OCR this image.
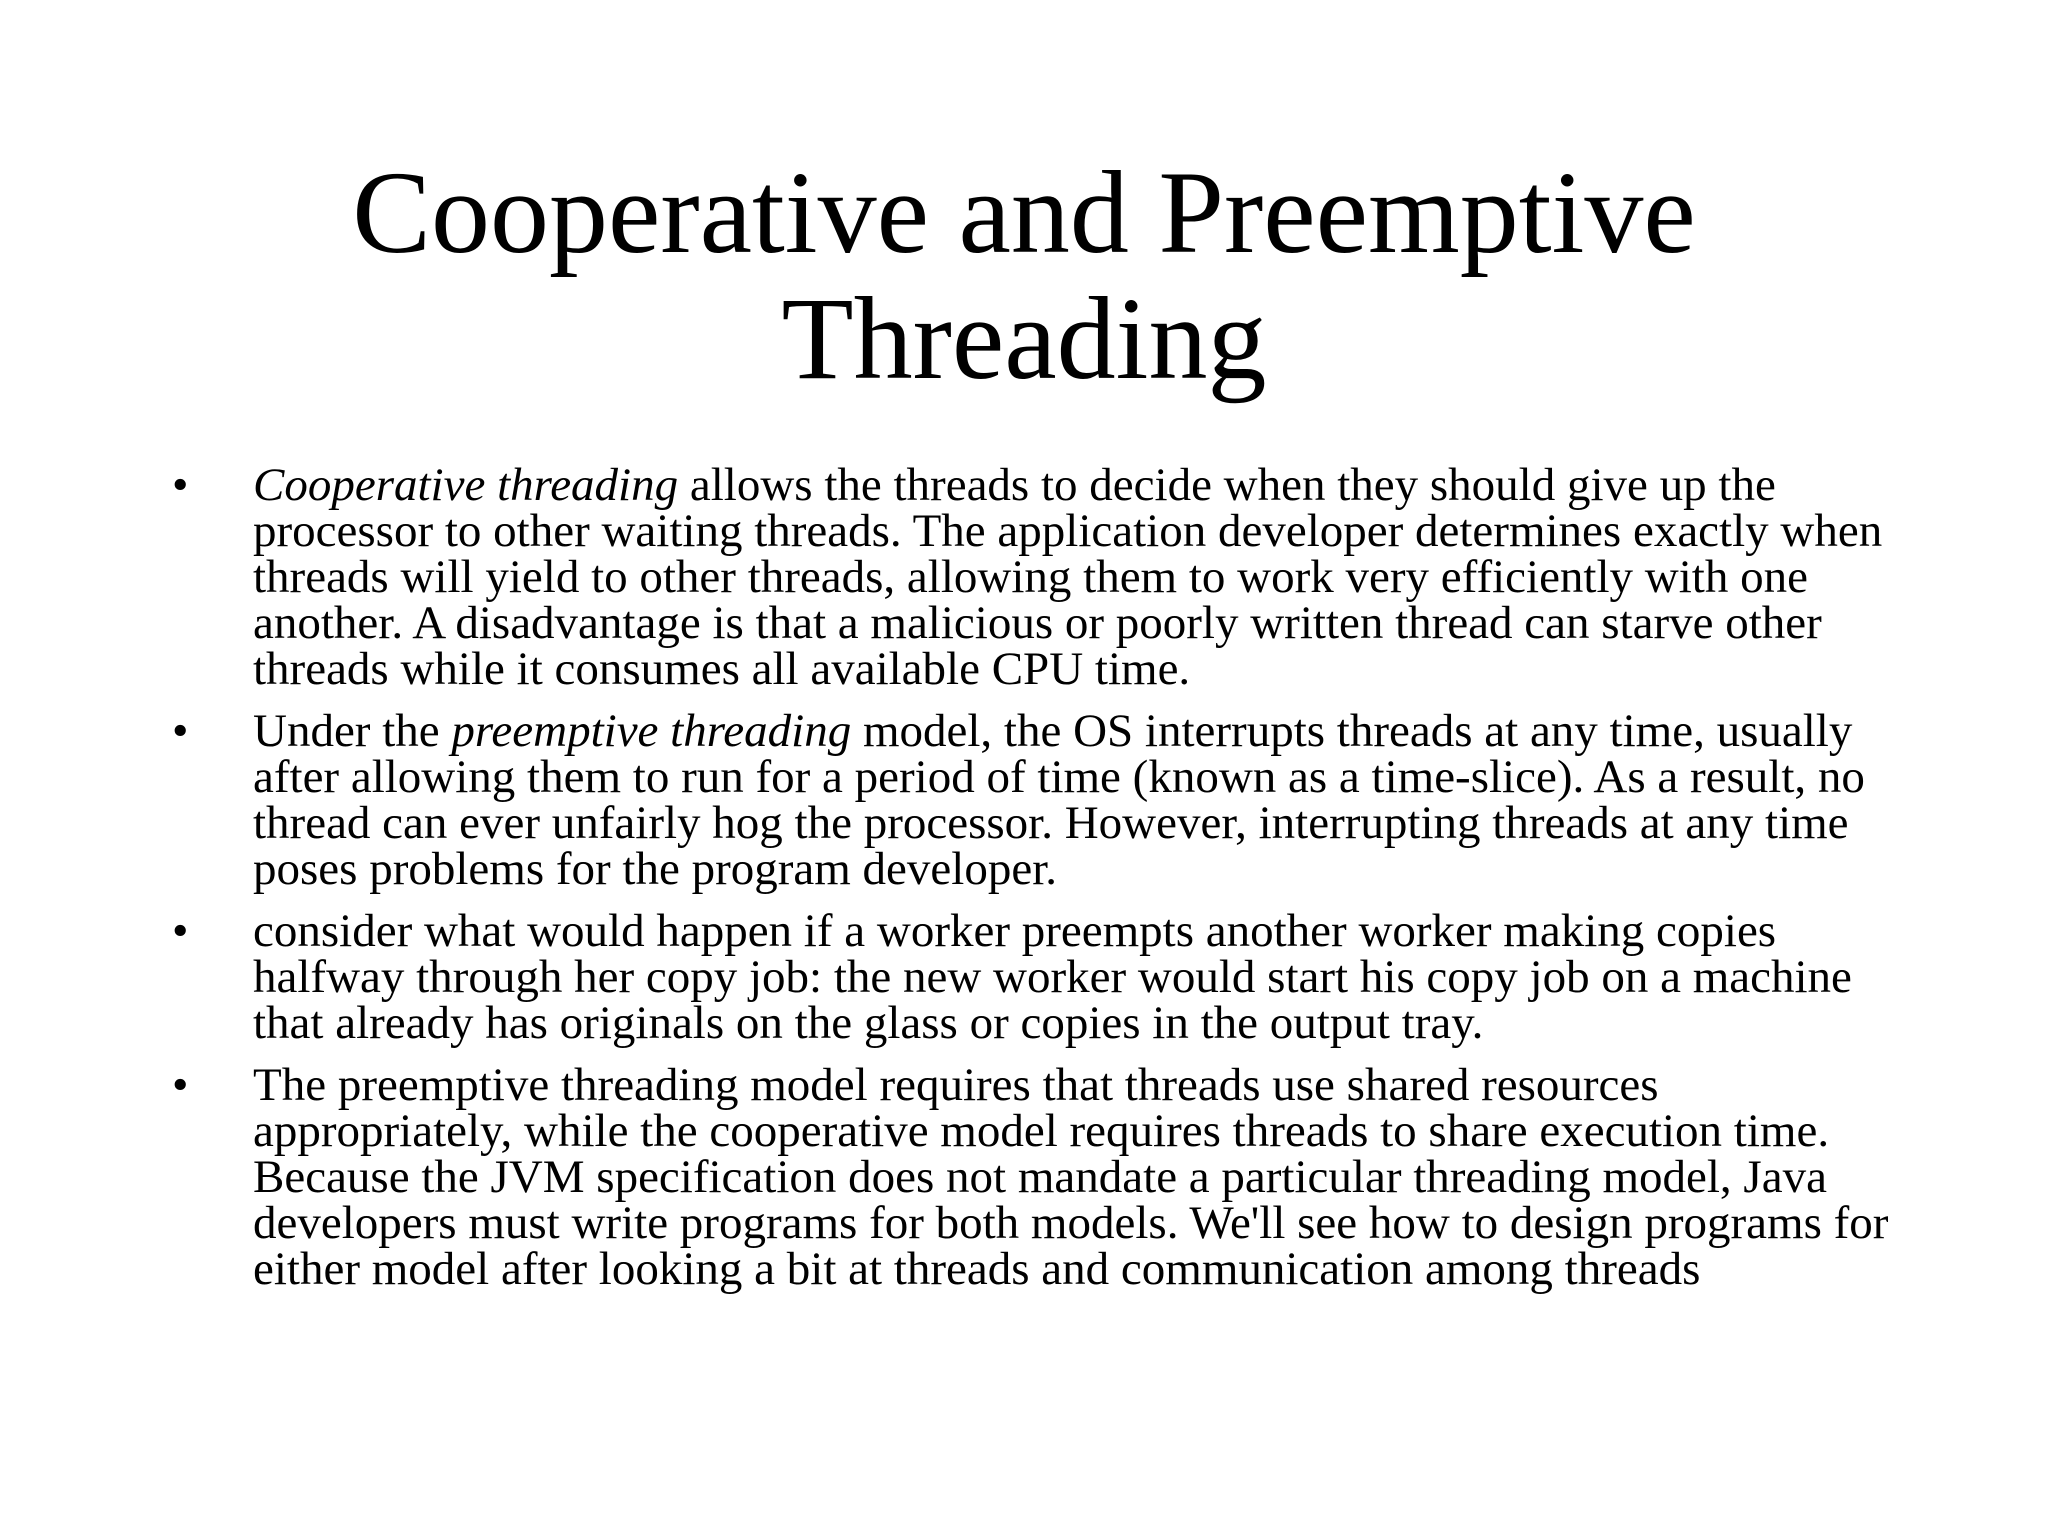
Cooperative and Preemptive
Threading
• Cooperative threading allows the threads to decide when they should give up the processor to other waiting threads. The application developer determines exactly when threads will yield to other threads, allowing them to work very efficiently with one another. A disadvantage is that a malicious or poorly written thread can starve other threads while it consumes all available CPU time.
• Under the preemptive threading model, the OS interrupts threads at any time, usually after allowing them to run for a period of time (known as a time-slice). As a result, no thread can ever unfairly hog the processor. However, interrupting threads at any time poses problems for the program developer.
• consider what would happen if a worker preempts another worker making copies halfway through her copy job: the new worker would start his copy job on a machine that already has originals on the glass or copies in the output tray.
• The preemptive threading model requires that threads use shared resources appropriately, while the cooperative model requires threads to share execution time. Because the JVM specification does not mandate a particular threading model, Java developers must write programs for both models. We'll see how to design programs for either model after looking a bit at threads and communication among threads
